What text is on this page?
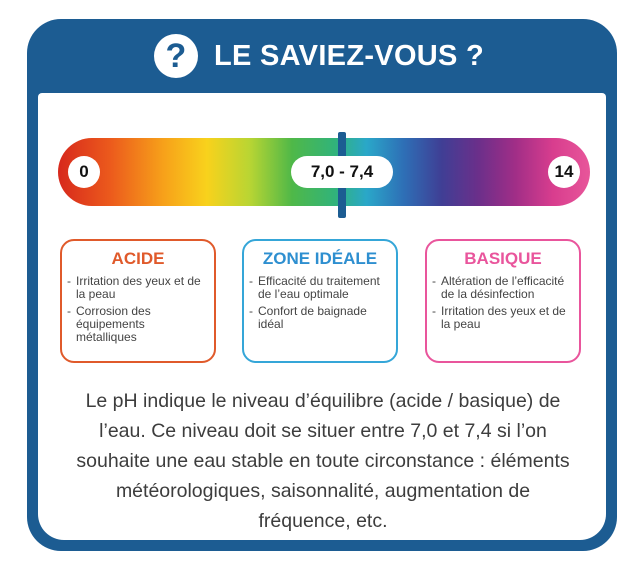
? LE SAVIEZ-VOUS ?
0	7,0 - 7,4	14
ACIDE
- Irritation des yeux et de la peau
- Corrosion des équipements métalliques
ZONE IDÉALE
- Efficacité du traitement de l’eau optimale
- Confort de baignade idéal
BASIQUE
- Altération de l’efficacité de la désinfection
- Irritation des yeux et de la peau
Le pH indique le niveau d’équilibre (acide / basique) de l’eau. Ce niveau doit se situer entre 7,0 et 7,4 si l’on souhaite une eau stable en toute circonstance : éléments météorologiques, saisonnalité, augmentation de fréquence, etc.
